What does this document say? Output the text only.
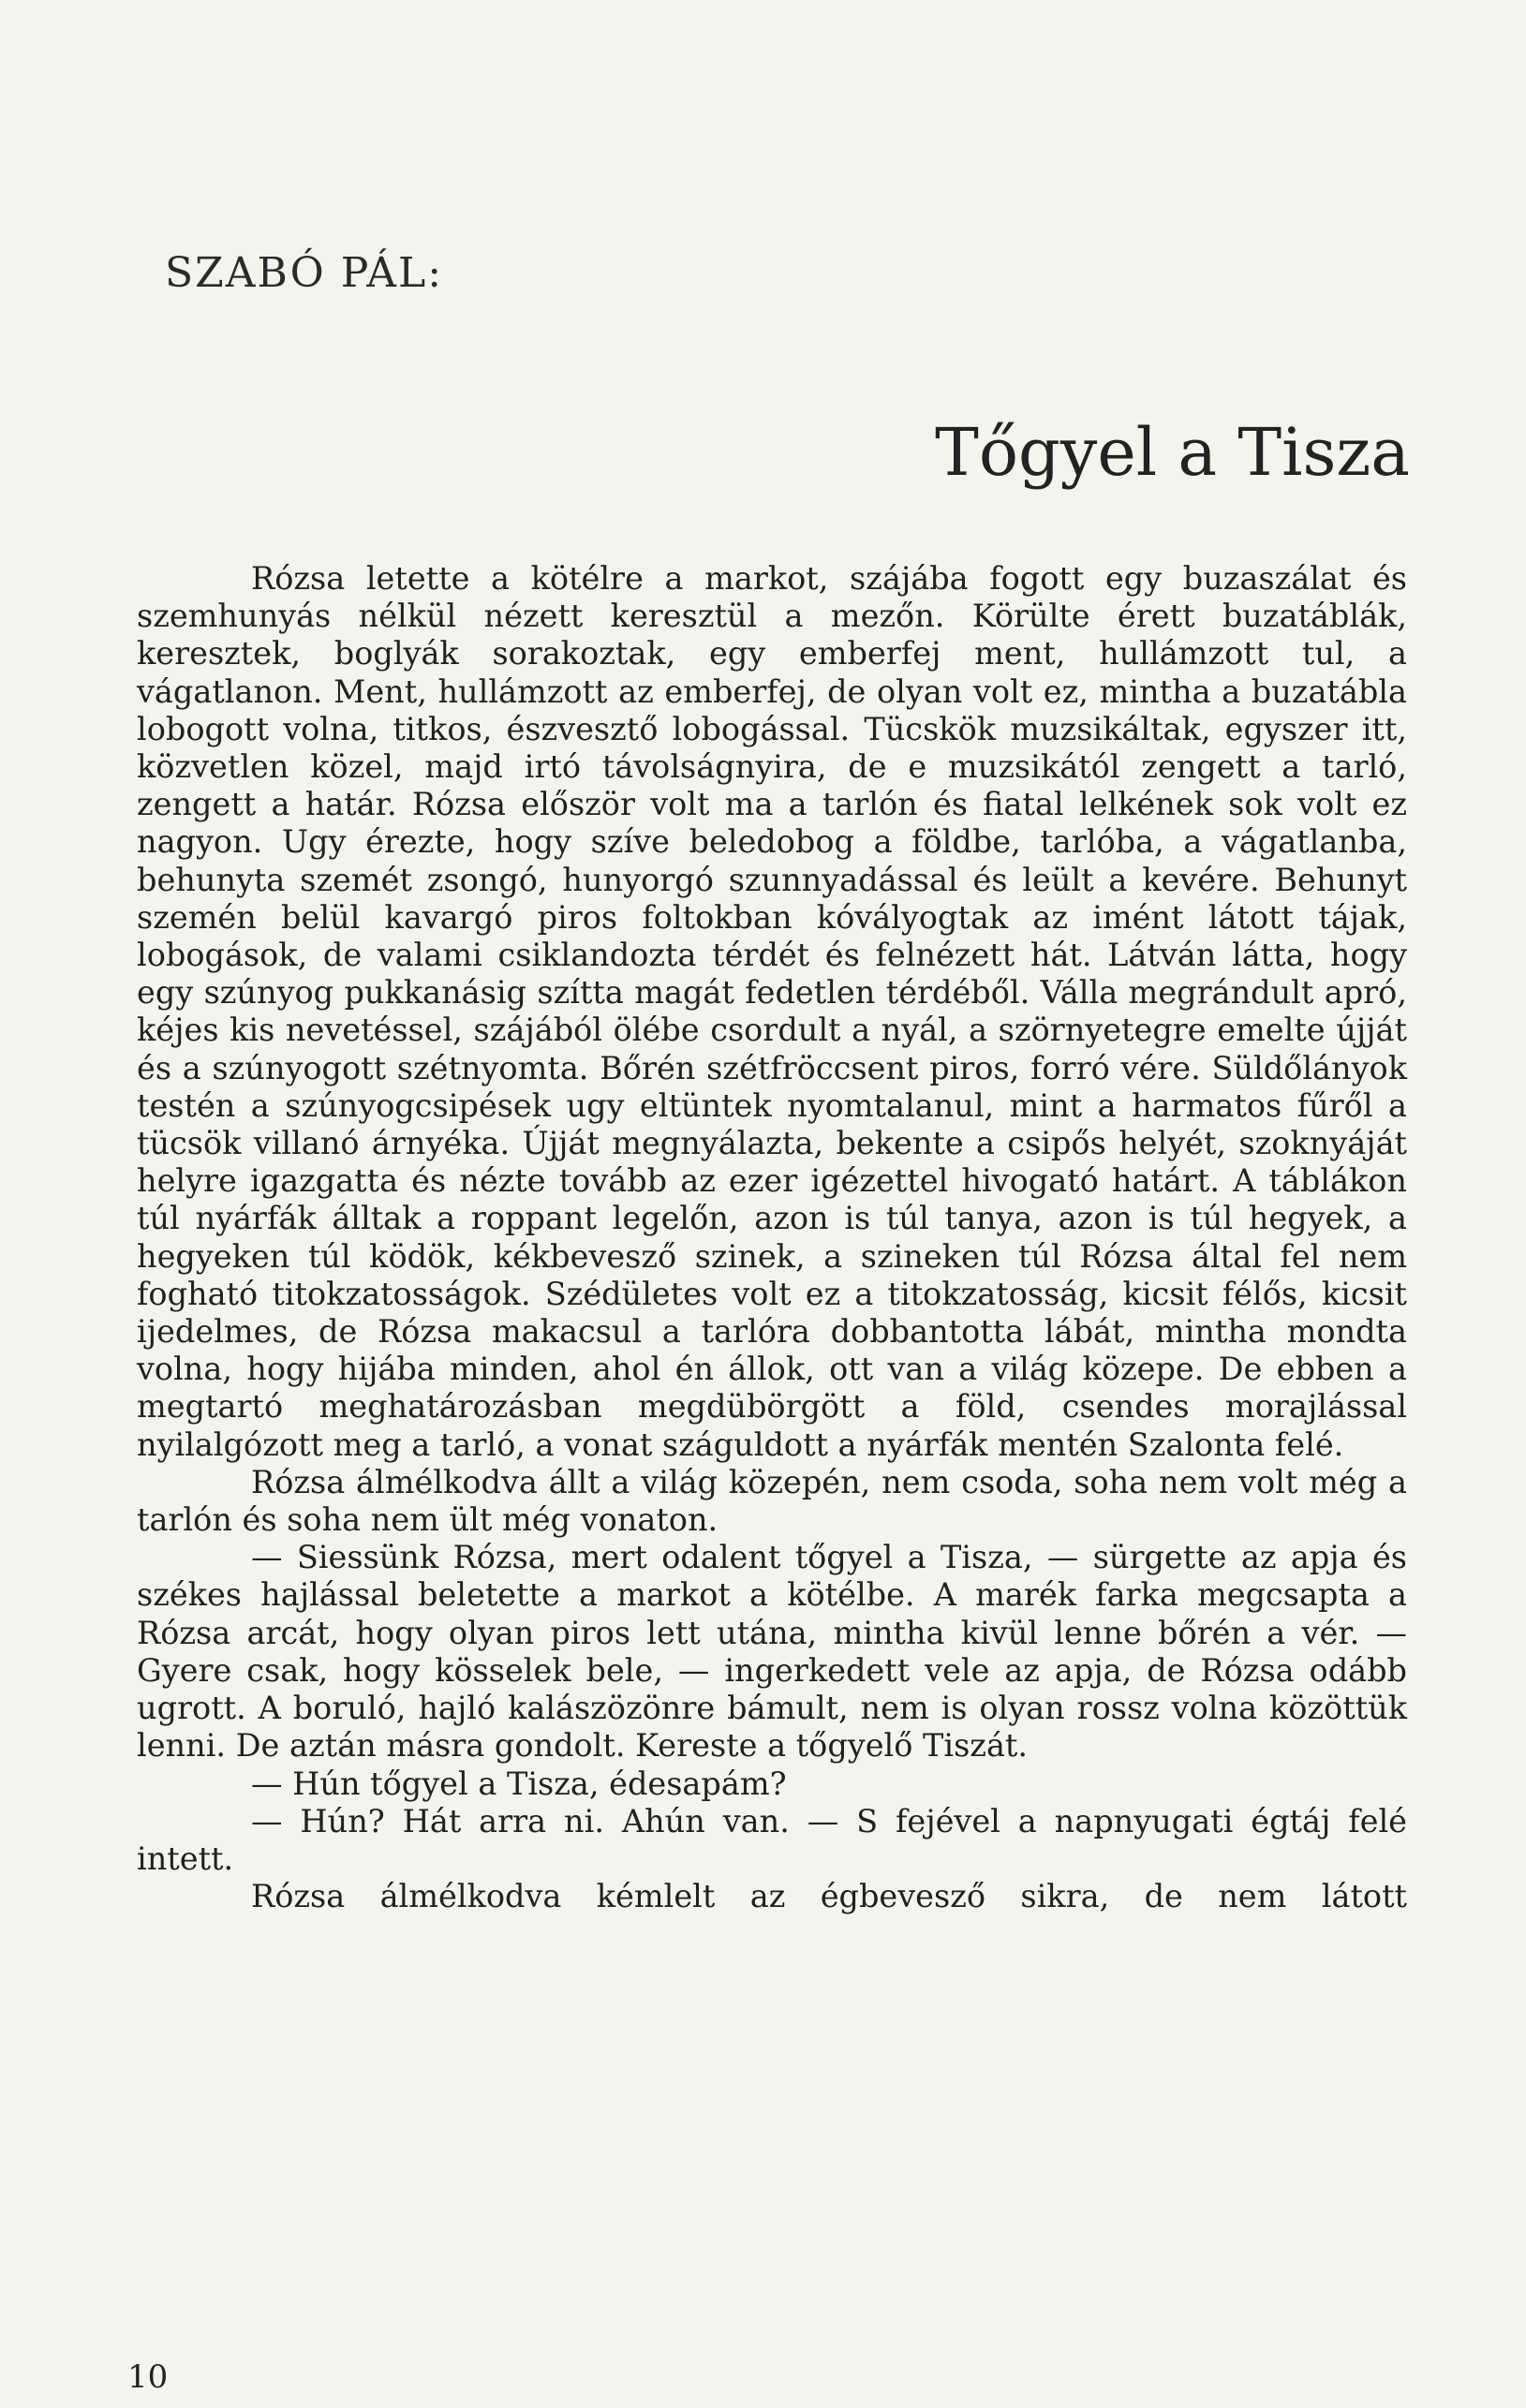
SZABÓ PÁL:
Tőgyel a Tisza

Rózsa letette a kötélre a markot, szájába fogott egy buzaszálat és szemhunyás nélkül nézett keresztül a mezőn. Körülte érett buzatáblák, keresztek, boglyák sorakoztak, egy emberfej ment, hullámzott tul, a vágatlanon. Ment, hullámzott az emberfej, de olyan volt ez, mintha a buzatábla lobogott volna, titkos, észvesztő lobogással. Tücskök muzsikáltak, egyszer itt, közvetlen közel, majd irtó távolságnyira, de e muzsikától zengett a tarló, zengett a határ. Rózsa először volt ma a tarlón és fiatal lelkének sok volt ez nagyon. Ugy érezte, hogy szíve beledobog a földbe, tarlóba, a vágatlanba, behunyta szemét zsongó, hunyorgó szunnyadással és leült a kevére. Behunyt szemén belül kavargó piros foltokban kóvályogtak az imént látott tájak, lobogások, de valami csiklandozta térdét és felnézett hát. Látván látta, hogy egy szúnyog pukkanásig szítta magát fedetlen térdéből. Válla megrándult apró, kéjes kis nevetéssel, szájából ölébe csordult a nyál, a szörnyetegre emelte újját és a szúnyogott szétnyomta. Bőrén szétfröccsent piros, forró vére. Süldőlányok testén a szúnyogcsipések ugy eltüntek nyomtalanul, mint a harmatos fűről a tücsök villanó árnyéka. Újját megnyálazta, bekente a csipős helyét, szoknyáját helyre igazgatta és nézte tovább az ezer igézettel hivogató határt. A táblákon túl nyárfák álltak a roppant legelőn, azon is túl tanya, azon is túl hegyek, a hegyeken túl ködök, kékbevesző szinek, a szineken túl Rózsa által fel nem fogható titokzatosságok. Szédületes volt ez a titokzatosság, kicsit félős, kicsit ijedelmes, de Rózsa makacsul a tarlóra dobbantotta lábát, mintha mondta volna, hogy hijába minden, ahol én állok, ott van a világ közepe. De ebben a megtartó meghatározásban megdübörgött a föld, csendes morajlással nyilalgózott meg a tarló, a vonat száguldott a nyárfák mentén Szalonta felé.

Rózsa álmélkodva állt a világ közepén, nem csoda, soha nem volt még a tarlón és soha nem ült még vonaton.

— Siessünk Rózsa, mert odalent tőgyel a Tisza, — sürgette az apja és székes hajlással beletette a markot a kötélbe. A marék farka megcsapta a Rózsa arcát, hogy olyan piros lett utána, mintha kivül lenne bőrén a vér. — Gyere csak, hogy kösselek bele, — ingerkedett vele az apja, de Rózsa odább ugrott. A boruló, hajló kalászözönre bámult, nem is olyan rossz volna közöttük lenni. De aztán másra gondolt. Kereste a tőgyelő Tiszát.

— Hún tőgyel a Tisza, édesapám?

— Hún? Hát arra ni. Ahún van. — S fejével a napnyugati égtáj felé intett.

Rózsa álmélkodva kémlelt az égbevesző sikra, de nem látott

10
